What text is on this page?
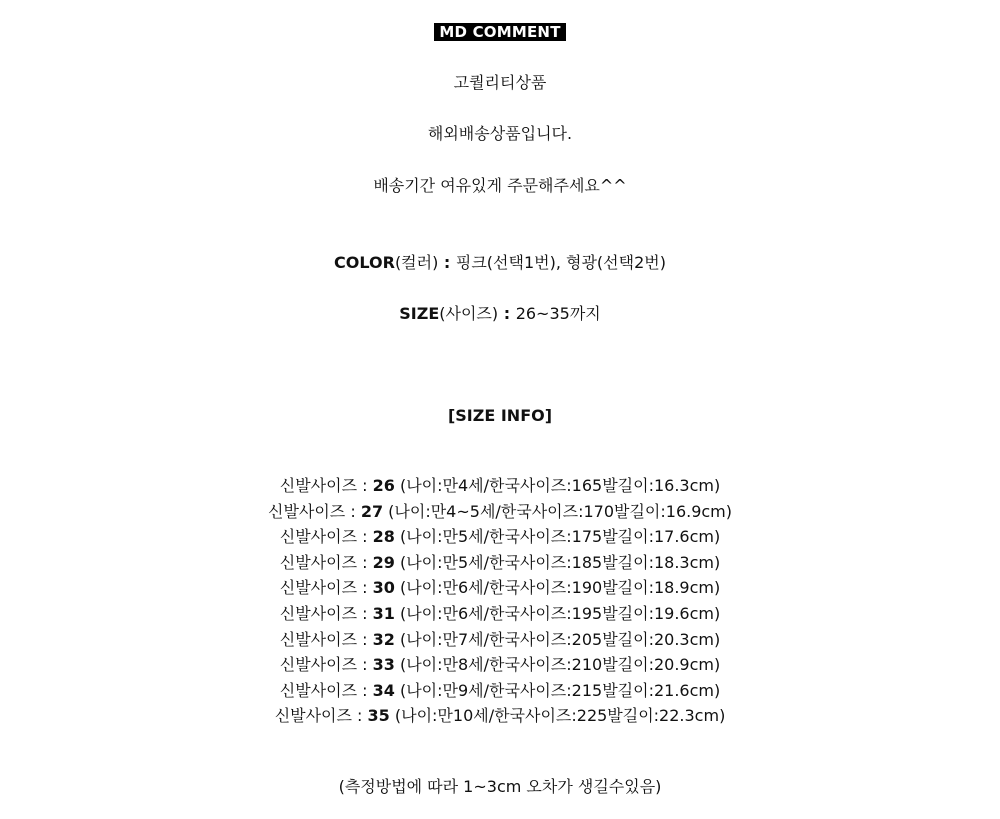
MD COMMENT
고퀄리티상품
해외배송상품입니다.
배송기간 여유있게 주문해주세요^^
COLOR(컬러) : 핑크(선택1번), 형광(선택2번)
SIZE(사이즈) : 26~35까지
[SIZE INFO]
신발사이즈 : 26 (나이:만4세/한국사이즈:165발길이:16.3cm)
신발사이즈 : 27 (나이:만4~5세/한국사이즈:170발길이:16.9cm)
신발사이즈 : 28 (나이:만5세/한국사이즈:175발길이:17.6cm)
신발사이즈 : 29 (나이:만5세/한국사이즈:185발길이:18.3cm)
신발사이즈 : 30 (나이:만6세/한국사이즈:190발길이:18.9cm)
신발사이즈 : 31 (나이:만6세/한국사이즈:195발길이:19.6cm)
신발사이즈 : 32 (나이:만7세/한국사이즈:205발길이:20.3cm)
신발사이즈 : 33 (나이:만8세/한국사이즈:210발길이:20.9cm)
신발사이즈 : 34 (나이:만9세/한국사이즈:215발길이:21.6cm)
신발사이즈 : 35 (나이:만10세/한국사이즈:225발길이:22.3cm)
(측정방법에 따라 1~3cm 오차가 생길수있음)
